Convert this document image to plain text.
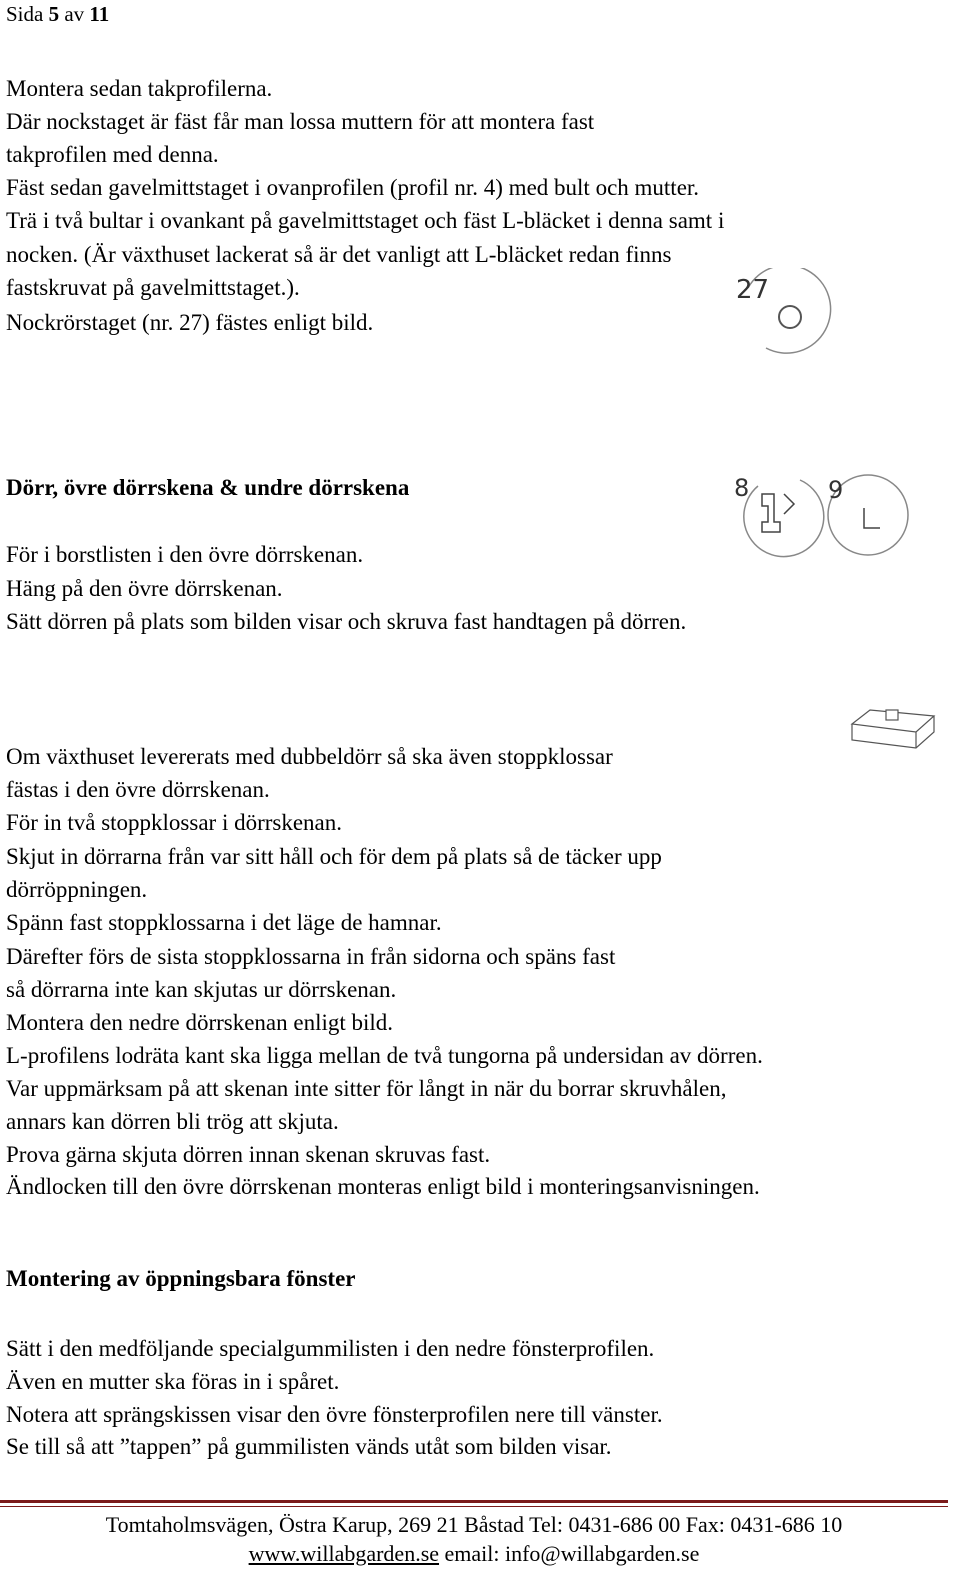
Sida 5 av 11
Montera sedan takprofilerna.
Där nockstaget är fäst får man lossa muttern för att montera fast
takprofilen med denna.
Fäst sedan gavelmittstaget i ovanprofilen (profil nr. 4) med bult och mutter.
Trä i två bultar i ovankant på gavelmittstaget och fäst L-bläcket i denna samt i
nocken. (Är växthuset lackerat så är det vanligt att L-bläcket redan finns
fastskruvat på gavelmittstaget.).
Nockrörstaget (nr. 27) fästes enligt bild.
27
Dörr, övre dörrskena & undre dörrskena	8	9
För i borstlisten i den övre dörrskenan.
Häng på den övre dörrskenan.
Sätt dörren på plats som bilden visar och skruva fast handtagen på dörren.
Om växthuset levererats med dubbeldörr så ska även stoppklossar
fästas i den övre dörrskenan.
För in två stoppklossar i dörrskenan.
Skjut in dörrarna från var sitt håll och för dem på plats så de täcker upp
dörröppningen.
Spänn fast stoppklossarna i det läge de hamnar.
Därefter förs de sista stoppklossarna in från sidorna och späns fast
så dörrarna inte kan skjutas ur dörrskenan.
Montera den nedre dörrskenan enligt bild.
L-profilens lodräta kant ska ligga mellan de två tungorna på undersidan av dörren.
Var uppmärksam på att skenan inte sitter för långt in när du borrar skruvhålen,
annars kan dörren bli trög att skjuta.
Prova gärna skjuta dörren innan skenan skruvas fast.
Ändlocken till den övre dörrskenan monteras enligt bild i monteringsanvisningen.
Montering av öppningsbara fönster
Sätt i den medföljande specialgummilisten i den nedre fönsterprofilen.
Även en mutter ska föras in i spåret.
Notera att sprängskissen visar den övre fönsterprofilen nere till vänster.
Se till så att ”tappen” på gummilisten vänds utåt som bilden visar.
Tomtaholmsvägen, Östra Karup, 269 21 Båstad Tel: 0431-686 00 Fax: 0431-686 10
www.willabgarden.se email: info@willabgarden.se
